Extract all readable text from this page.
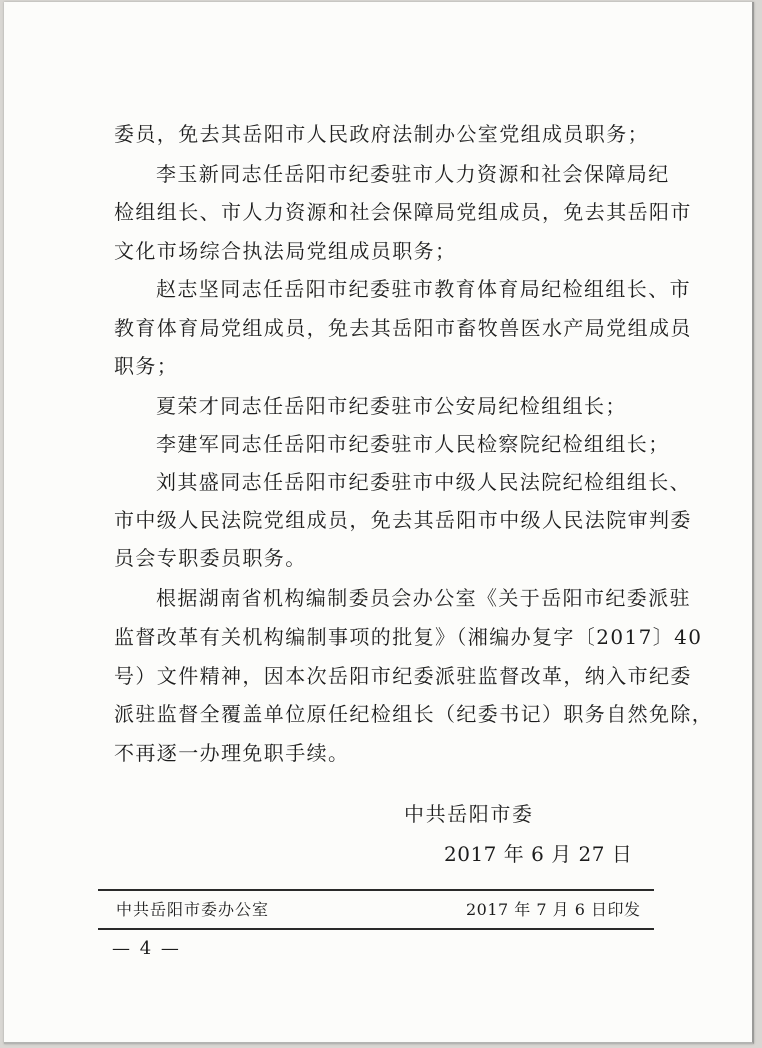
委员，免去其岳阳市人民政府法制办公室党组成员职务；
李玉新同志任岳阳市纪委驻市人力资源和社会保障局纪
检组组长、市人力资源和社会保障局党组成员，免去其岳阳市
文化市场综合执法局党组成员职务；
赵志坚同志任岳阳市纪委驻市教育体育局纪检组组长、市
教育体育局党组成员，免去其岳阳市畜牧兽医水产局党组成员
职务；
夏荣才同志任岳阳市纪委驻市公安局纪检组组长；
李建军同志任岳阳市纪委驻市人民检察院纪检组组长；
刘其盛同志任岳阳市纪委驻市中级人民法院纪检组组长、
市中级人民法院党组成员，免去其岳阳市中级人民法院审判委
员会专职委员职务。
根据湖南省机构编制委员会办公室《关于岳阳市纪委派驻
监督改革有关机构编制事项的批复》（湘编办复字〔2017〕40
号）文件精神，因本次岳阳市纪委派驻监督改革，纳入市纪委
派驻监督全覆盖单位原任纪检组长（纪委书记）职务自然免除，
不再逐一办理免职手续。
中共岳阳市委
2017 年 6 月 27 日
中共岳阳市委办公室	2017 年 7 月 6 日印发
— 4 —
